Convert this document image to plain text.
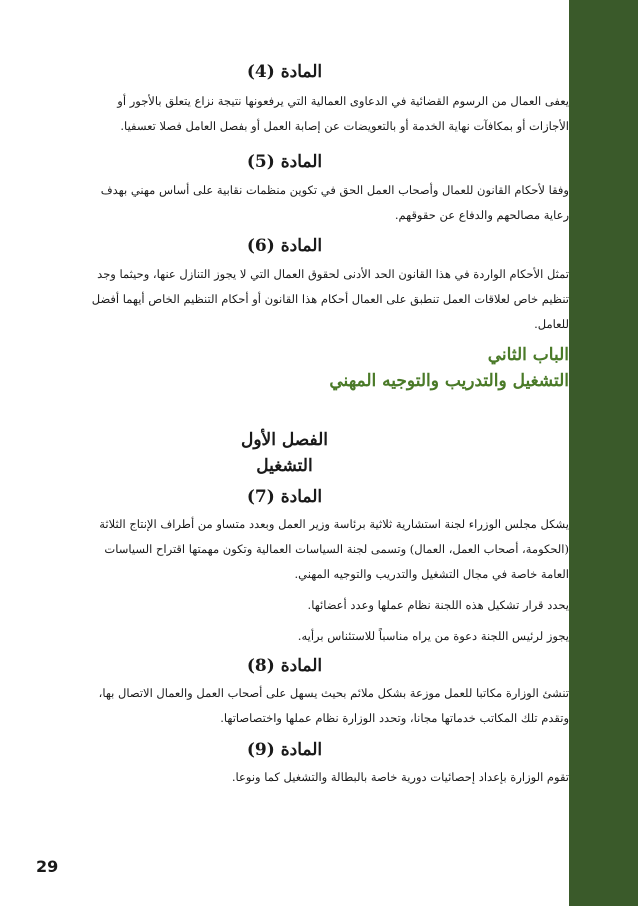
المادة (4)
يعفى العمال من الرسوم القضائية في الدعاوى العمالية التي يرفعونها نتيجة نزاع يتعلق بالأجور أو
الأجازات أو بمكافآت نهاية الخدمة أو بالتعويضات عن إصابة العمل أو بفصل العامل فصلا تعسفيا.
المادة (5)
وفقا لأحكام القانون للعمال وأصحاب العمل الحق في تكوين منظمات نقابية على أساس مهني بهدف
رعاية مصالحهم والدفاع عن حقوقهم.
المادة (6)
تمثل الأحكام الواردة في هذا القانون الحد الأدنى لحقوق العمال التي لا يجوز التنازل عنها، وحيثما وجد
تنظيم خاص لعلاقات العمل تنطبق على العمال أحكام هذا القانون أو أحكام التنظيم الخاص أيهما أفضل
للعامل.
الباب الثاني
التشغيل والتدريب والتوجيه المهني
الفصل الأول
التشغيل
المادة (7)
يشكل مجلس الوزراء لجنة استشارية ثلاثية برئاسة وزير العمل وبعدد متساو من أطراف الإنتاج الثلاثة
(الحكومة، أصحاب العمل، العمال) وتسمى لجنة السياسات العمالية وتكون مهمتها اقتراح السياسات
العامة خاصة في مجال التشغيل والتدريب والتوجيه المهني.
يحدد قرار تشكيل هذه اللجنة نظام عملها وعدد أعضائها.
يجوز لرئيس اللجنة دعوة من يراه مناسباً للاستئناس برأيه.
المادة (8)
تنشئ الوزارة مكاتبا للعمل موزعة بشكل ملائم بحيث يسهل على أصحاب العمل والعمال الاتصال بها،
وتقدم تلك المكاتب خدماتها مجانا، وتحدد الوزارة نظام عملها واختصاصاتها.
المادة (9)
تقوم الوزارة بإعداد إحصائيات دورية خاصة بالبطالة والتشغيل كما ونوعا.
29
